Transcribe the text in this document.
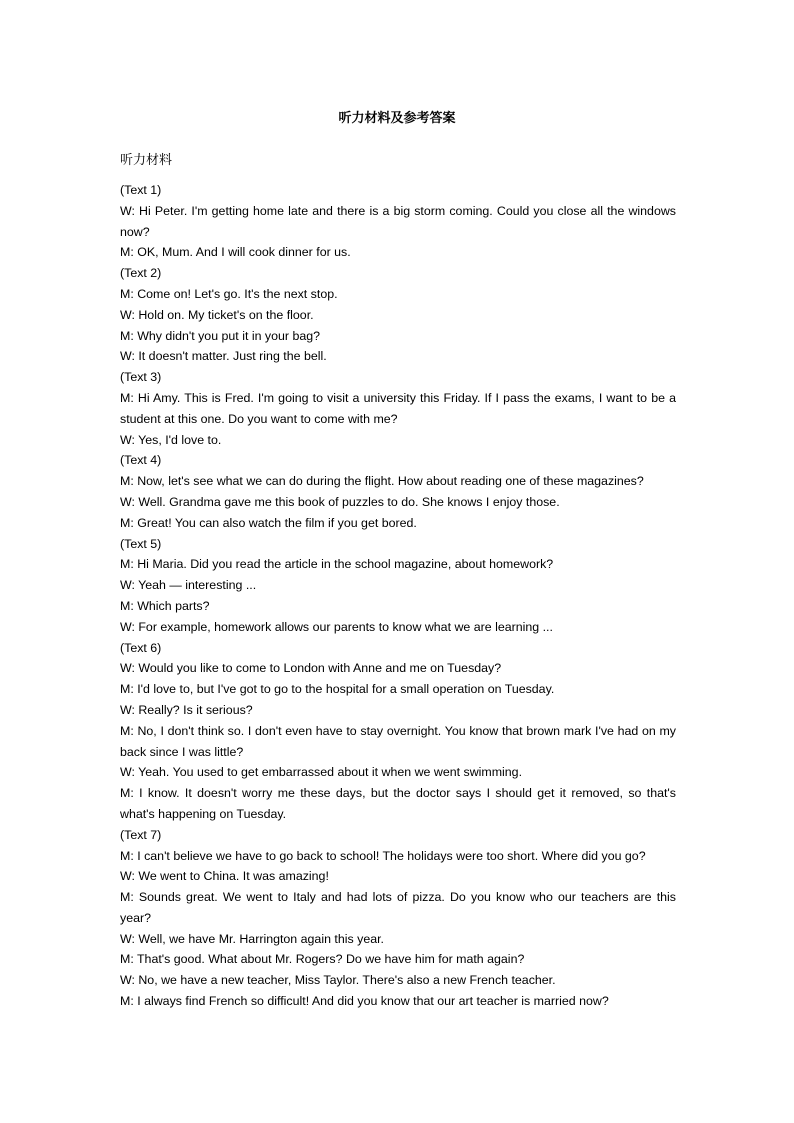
听力材料及参考答案
听力材料

(Text 1)

W: Hi Peter. I'm getting home late and there is a big storm coming. Could you close all the windows now?

M: OK, Mum. And I will cook dinner for us.

(Text 2)

M: Come on! Let's go. It's the next stop.

W: Hold on. My ticket's on the floor.

M: Why didn't you put it in your bag?

W: It doesn't matter. Just ring the bell.

(Text 3)

M: Hi Amy. This is Fred. I'm going to visit a university this Friday. If I pass the exams, I want to be a student at this one. Do you want to come with me?

W: Yes, I'd love to.

(Text 4)

M: Now, let's see what we can do during the flight. How about reading one of these magazines?

W: Well. Grandma gave me this book of puzzles to do. She knows I enjoy those.

M: Great! You can also watch the film if you get bored.

(Text 5)

M: Hi Maria. Did you read the article in the school magazine, about homework?

W: Yeah — interesting ...

M: Which parts?

W: For example, homework allows our parents to know what we are learning ...

(Text 6)

W: Would you like to come to London with Anne and me on Tuesday?

M: I'd love to, but I've got to go to the hospital for a small operation on Tuesday.

W: Really? Is it serious?

M: No, I don't think so. I don't even have to stay overnight. You know that brown mark I've had on my back since I was little?

W: Yeah. You used to get embarrassed about it when we went swimming.

M: I know. It doesn't worry me these days, but the doctor says I should get it removed, so that's what's happening on Tuesday.

(Text 7)

M: I can't believe we have to go back to school! The holidays were too short. Where did you go?

W: We went to China. It was amazing!

M: Sounds great. We went to Italy and had lots of pizza. Do you know who our teachers are this year?

W: Well, we have Mr. Harrington again this year.

M: That's good. What about Mr. Rogers? Do we have him for math again?

W: No, we have a new teacher, Miss Taylor. There's also a new French teacher.

M: I always find French so difficult! And did you know that our art teacher is married now?
